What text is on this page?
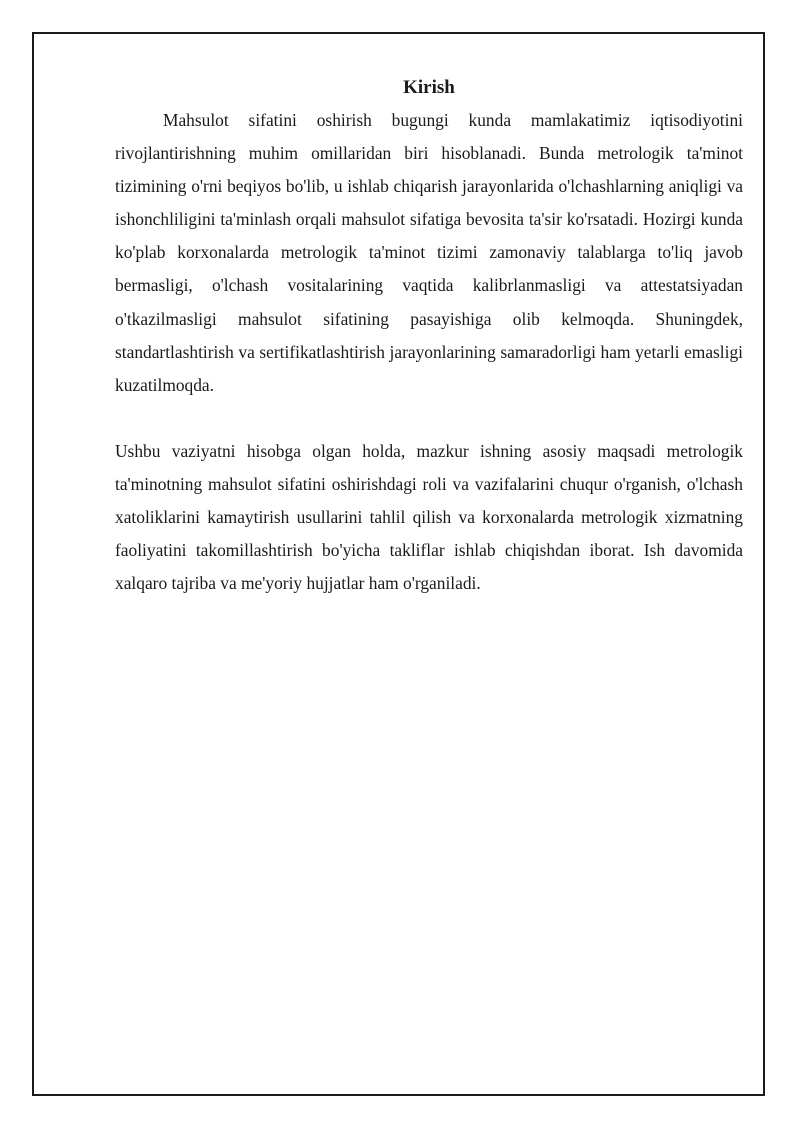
Kirish

Mahsulot sifatini oshirish bugungi kunda mamlakatimiz iqtisodiyotini rivojlantirishning muhim omillaridan biri hisoblanadi. Bunda metrologik ta'minot tizimining o'rni beqiyos bo'lib, u ishlab chiqarish jarayonlarida o'lchashlarning aniqligi va ishonchliligini ta'minlash orqali mahsulot sifatiga bevosita ta'sir ko'rsatadi. Hozirgi kunda ko'plab korxonalarda metrologik ta'minot tizimi zamonaviy talablarga to'liq javob bermasligi, o'lchash vositalarining vaqtida kalibrlanmasligi va attestatsiyadan o'tkazilmasligi mahsulot sifatining pasayishiga olib kelmoqda. Shuningdek, standartlashtirish va sertifikatlashtirish jarayonlarining samaradorligi ham yetarli emasligi kuzatilmoqda.

Ushbu vaziyatni hisobga olgan holda, mazkur ishning asosiy maqsadi metrologik ta'minotning mahsulot sifatini oshirishdagi roli va vazifalarini chuqur o'rganish, o'lchash xatoliklarini kamaytirish usullarini tahlil qilish va korxonalarda metrologik xizmatning faoliyatini takomillashtirish bo'yicha takliflar ishlab chiqishdan iborat. Ish davomida xalqaro tajriba va me'yoriy hujjatlar ham o'rganiladi.
